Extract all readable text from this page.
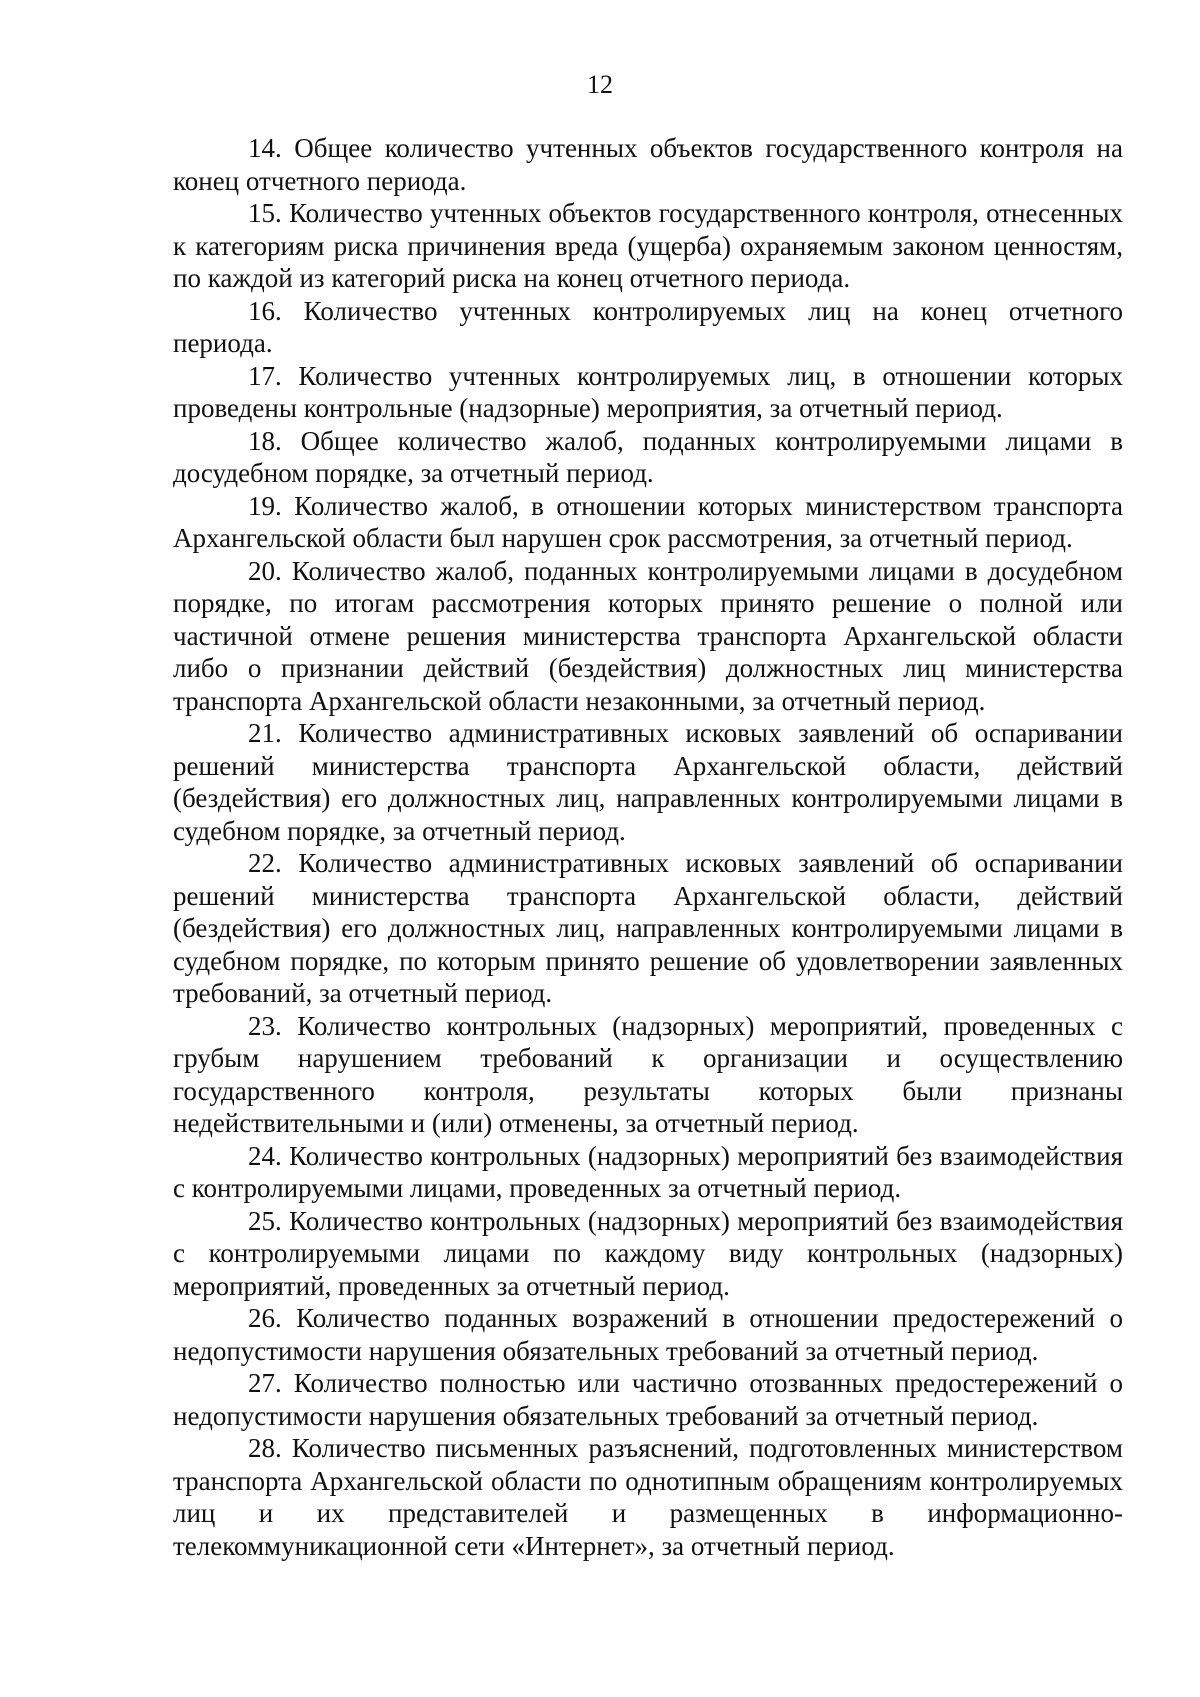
12

14. Общее количество учтенных объектов государственного контроля на конец отчетного периода.

15. Количество учтенных объектов государственного контроля, отнесенных к категориям риска причинения вреда (ущерба) охраняемым законом ценностям, по каждой из категорий риска на конец отчетного периода.

16. Количество учтенных контролируемых лиц на конец отчетного периода.

17. Количество учтенных контролируемых лиц, в отношении которых проведены контрольные (надзорные) мероприятия, за отчетный период.

18. Общее количество жалоб, поданных контролируемыми лицами в досудебном порядке, за отчетный период.

19. Количество жалоб, в отношении которых министерством транспорта Архангельской области был нарушен срок рассмотрения, за отчетный период.

20. Количество жалоб, поданных контролируемыми лицами в досудебном порядке, по итогам рассмотрения которых принято решение о полной или частичной отмене решения министерства транспорта Архангельской области либо о признании действий (бездействия) должностных лиц министерства транспорта Архангельской области незаконными, за отчетный период.

21. Количество административных исковых заявлений об оспаривании решений министерства транспорта Архангельской области, действий (бездействия) его должностных лиц, направленных контролируемыми лицами в судебном порядке, за отчетный период.

22. Количество административных исковых заявлений об оспаривании решений министерства транспорта Архангельской области, действий (бездействия) его должностных лиц, направленных контролируемыми лицами в судебном порядке, по которым принято решение об удовлетворении заявленных требований, за отчетный период.

23. Количество контрольных (надзорных) мероприятий, проведенных с грубым нарушением требований к организации и осуществлению государственного контроля, результаты которых были признаны недействительными и (или) отменены, за отчетный период.

24. Количество контрольных (надзорных) мероприятий без взаимодействия с контролируемыми лицами, проведенных за отчетный период.

25. Количество контрольных (надзорных) мероприятий без взаимодействия с контролируемыми лицами по каждому виду контрольных (надзорных) мероприятий, проведенных за отчетный период.

26. Количество поданных возражений в отношении предостережений о недопустимости нарушения обязательных требований за отчетный период.

27. Количество полностью или частично отозванных предостережений о недопустимости нарушения обязательных требований за отчетный период.

28. Количество письменных разъяснений, подготовленных министерством транспорта Архангельской области по однотипным обращениям контролируемых лиц и их представителей и размещенных в информационно-телекоммуникационной сети «Интернет», за отчетный период.
